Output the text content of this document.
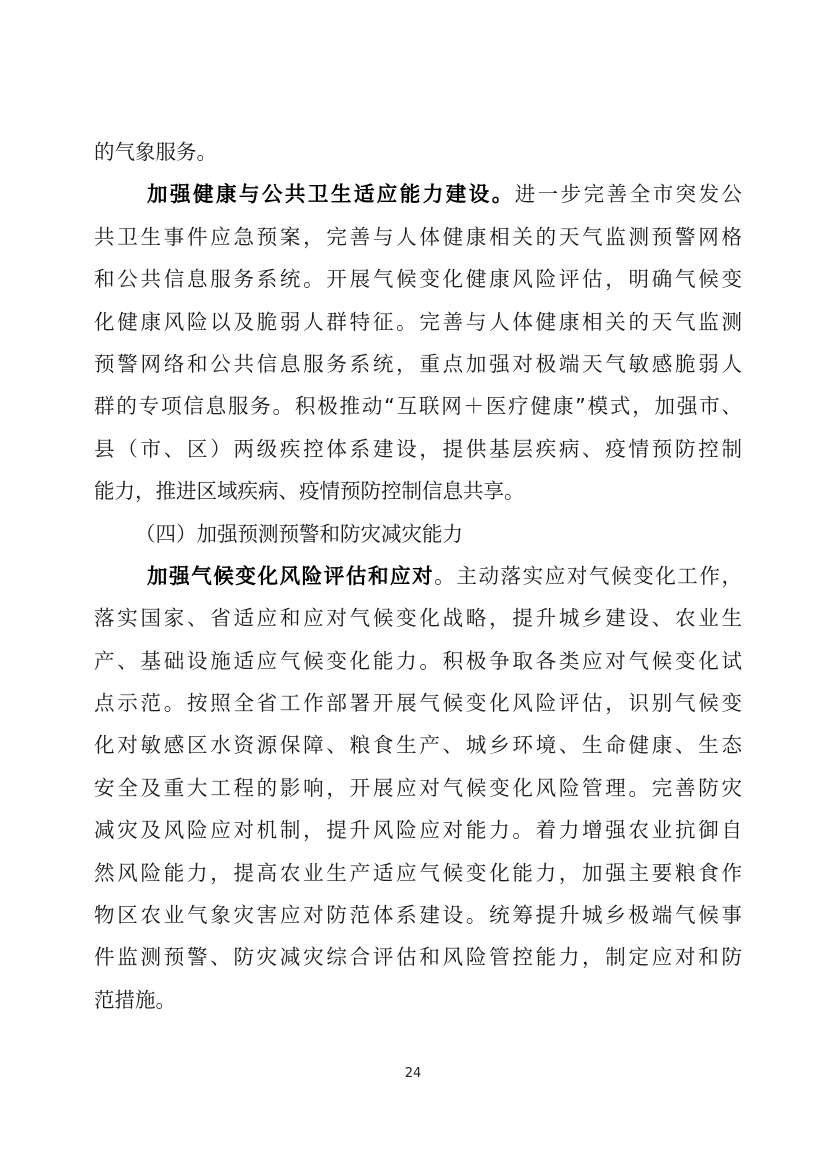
的气象服务。
加强健康与公共卫生适应能力建设。进一步完善全市突发公
共卫生事件应急预案，完善与人体健康相关的天气监测预警网格
和公共信息服务系统。开展气候变化健康风险评估，明确气候变
化健康风险以及脆弱人群特征。完善与人体健康相关的天气监测
预警网络和公共信息服务系统，重点加强对极端天气敏感脆弱人
群的专项信息服务。积极推动“互联网＋医疗健康”模式，加强市、
县（市、区）两级疾控体系建设，提供基层疾病、疫情预防控制
能力，推进区域疾病、疫情预防控制信息共享。
（四）加强预测预警和防灾减灾能力
加强气候变化风险评估和应对。主动落实应对气候变化工作，
落实国家、省适应和应对气候变化战略，提升城乡建设、农业生
产、基础设施适应气候变化能力。积极争取各类应对气候变化试
点示范。按照全省工作部署开展气候变化风险评估，识别气候变
化对敏感区水资源保障、粮食生产、城乡环境、生命健康、生态
安全及重大工程的影响，开展应对气候变化风险管理。完善防灾
减灾及风险应对机制，提升风险应对能力。着力增强农业抗御自
然风险能力，提高农业生产适应气候变化能力，加强主要粮食作
物区农业气象灾害应对防范体系建设。统筹提升城乡极端气候事
件监测预警、防灾减灾综合评估和风险管控能力，制定应对和防
范措施。
24
